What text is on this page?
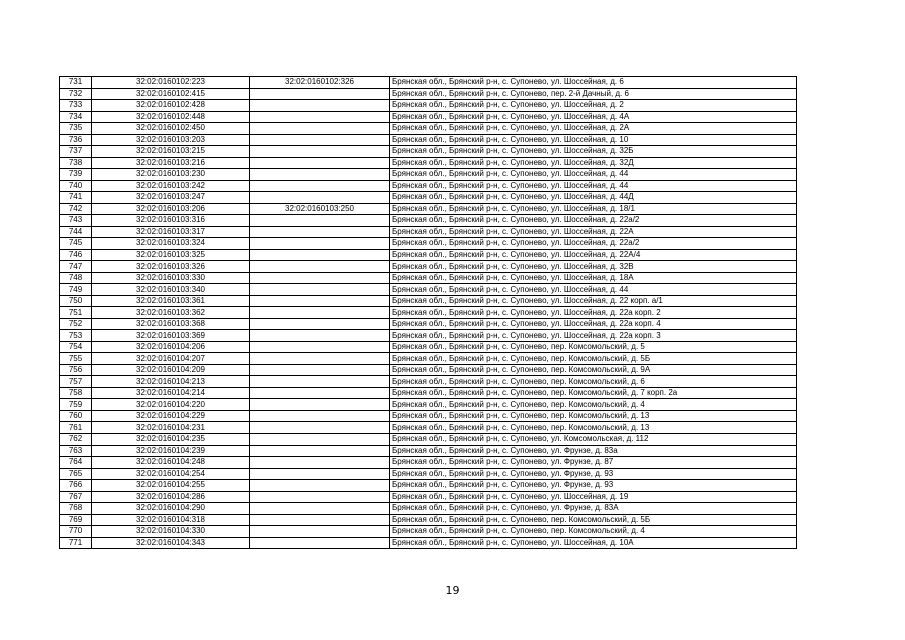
731	32:02:0160102:223	32:02:0160102:326	Брянская обл., Брянский р-н, с. Супонево, ул. Шоссейная, д. 6
732	32:02:0160102:415		Брянская обл., Брянский р-н, с. Супонево, пер. 2-й Дачный, д. 6
733	32:02:0160102:428		Брянская обл., Брянский р-н, с. Супонево, ул. Шоссейная, д. 2
734	32:02:0160102:448		Брянская обл., Брянский р-н, с. Супонево, ул. Шоссейная, д. 4А
735	32:02:0160102:450		Брянская обл., Брянский р-н, с. Супонево, ул. Шоссейная, д. 2А
736	32:02:0160103:203		Брянская обл., Брянский р-н, с. Супонево, ул. Шоссейная, д. 10
737	32:02:0160103:215		Брянская обл., Брянский р-н, с. Супонево, ул. Шоссейная, д. 32Б
738	32:02:0160103:216		Брянская обл., Брянский р-н, с. Супонево, ул. Шоссейная, д. 32Д
739	32:02:0160103:230		Брянская обл., Брянский р-н, с. Супонево, ул. Шоссейная, д. 44
740	32:02:0160103:242		Брянская обл., Брянский р-н, с. Супонево, ул. Шоссейная, д. 44
741	32:02:0160103:247		Брянская обл., Брянский р-н, с. Супонево, ул. Шоссейная, д. 44Д
742	32:02:0160103:206	32:02:0160103:250	Брянская обл., Брянский р-н, с. Супонево, ул. Шоссейная, д. 18/1
743	32:02:0160103:316		Брянская обл., Брянский р-н, с. Супонево, ул. Шоссейная, д. 22а/2
744	32:02:0160103:317		Брянская обл., Брянский р-н, с. Супонево, ул. Шоссейная, д. 22А
745	32:02:0160103:324		Брянская обл., Брянский р-н, с. Супонево, ул. Шоссейная, д. 22а/2
746	32:02:0160103:325		Брянская обл., Брянский р-н, с. Супонево, ул. Шоссейная, д. 22А/4
747	32:02:0160103:326		Брянская обл., Брянский р-н, с. Супонево, ул. Шоссейная, д. 32В
748	32:02:0160103:330		Брянская обл., Брянский р-н, с. Супонево, ул. Шоссейная, д. 18А
749	32:02:0160103:340		Брянская обл., Брянский р-н, с. Супонево, ул. Шоссейная, д. 44
750	32:02:0160103:361		Брянская обл., Брянский р-н, с. Супонево, ул. Шоссейная, д. 22 корп. а/1
751	32:02:0160103:362		Брянская обл., Брянский р-н, с. Супонево, ул. Шоссейная, д. 22а корп. 2
752	32:02:0160103:368		Брянская обл., Брянский р-н, с. Супонево, ул. Шоссейная, д. 22а корп. 4
753	32:02:0160103:369		Брянская обл., Брянский р-н, с. Супонево, ул. Шоссейная, д. 22а корп. 3
754	32:02:0160104:206		Брянская обл., Брянский р-н, с. Супонево, пер. Комсомольский, д. 5
755	32:02:0160104:207		Брянская обл., Брянский р-н, с. Супонево, пер. Комсомольский, д. 5Б
756	32:02:0160104:209		Брянская обл., Брянский р-н, с. Супонево, пер. Комсомольский, д. 9А
757	32:02:0160104:213		Брянская обл., Брянский р-н, с. Супонево, пер. Комсомольский, д. 6
758	32:02:0160104:214		Брянская обл., Брянский р-н, с. Супонево, пер. Комсомольский, д. 7 корп. 2а
759	32:02:0160104:220		Брянская обл., Брянский р-н, с. Супонево, пер. Комсомольский, д. 4
760	32:02:0160104:229		Брянская обл., Брянский р-н, с. Супонево, пер. Комсомольский, д. 13
761	32:02:0160104:231		Брянская обл., Брянский р-н, с. Супонево, пер. Комсомольский, д. 13
762	32:02:0160104:235		Брянская обл., Брянский р-н, с. Супонево, ул. Комсомольская, д. 112
763	32:02:0160104:239		Брянская обл., Брянский р-н, с. Супонево, ул. Фрунзе, д. 83а
764	32:02:0160104:248		Брянская обл., Брянский р-н, с. Супонево, ул. Фрунзе, д. 87
765	32:02:0160104:254		Брянская обл., Брянский р-н, с. Супонево, ул. Фрунзе, д. 93
766	32:02:0160104:255		Брянская обл., Брянский р-н, с. Супонево, ул. Фрунзе, д. 93
767	32:02:0160104:286		Брянская обл., Брянский р-н, с. Супонево, ул. Шоссейная, д. 19
768	32:02:0160104:290		Брянская обл., Брянский р-н, с. Супонево, ул. Фрунзе, д. 83А
769	32:02:0160104:318		Брянская обл., Брянский р-н, с. Супонево, пер. Комсомольский, д. 5Б
770	32:02:0160104:330		Брянская обл., Брянский р-н, с. Супонево, пер. Комсомольский, д. 4
771	32:02:0160104:343		Брянская обл., Брянский р-н, с. Супонево, ул. Шоссейная, д. 10А
19
